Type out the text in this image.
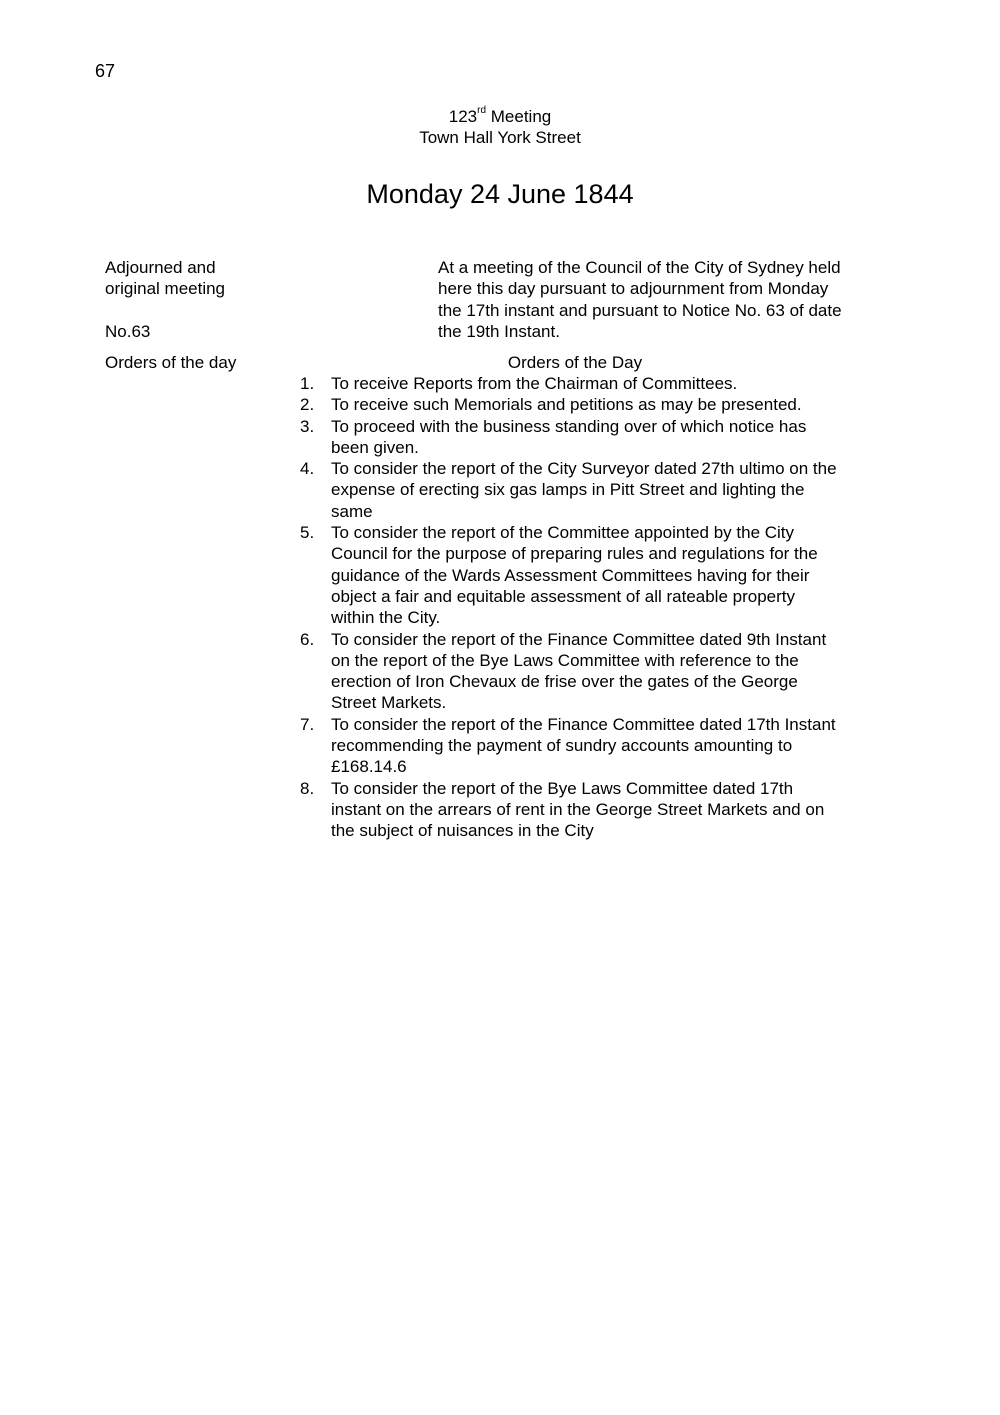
67
123rd Meeting
Town Hall York Street
Monday 24 June 1844
Adjourned and
original meeting
No.63
Orders of the day
At a meeting of the Council of the City of Sydney held
here this day pursuant to adjournment from Monday
the 17th instant and pursuant to Notice No. 63 of date
the 19th Instant.
Orders of the Day
1. To receive Reports from the Chairman of Committees.
2. To receive such Memorials and petitions as may be presented.
3. To proceed with the business standing over of which notice has
been given.
4. To consider the report of the City Surveyor dated 27th ultimo on the
expense of erecting six gas lamps in Pitt Street and lighting the
same
5. To consider the report of the Committee appointed by the City
Council for the purpose of preparing rules and regulations for the
guidance of the Wards Assessment Committees having for their
object a fair and equitable assessment of all rateable property
within the City.
6. To consider the report of the Finance Committee dated 9th Instant
on the report of the Bye Laws Committee with reference to the
erection of Iron Chevaux de frise over the gates of the George
Street Markets.
7. To consider the report of the Finance Committee dated 17th Instant
recommending the payment of sundry accounts amounting to
£168.14.6
8. To consider the report of the Bye Laws Committee dated 17th
instant on the arrears of rent in the George Street Markets and on
the subject of nuisances in the City
